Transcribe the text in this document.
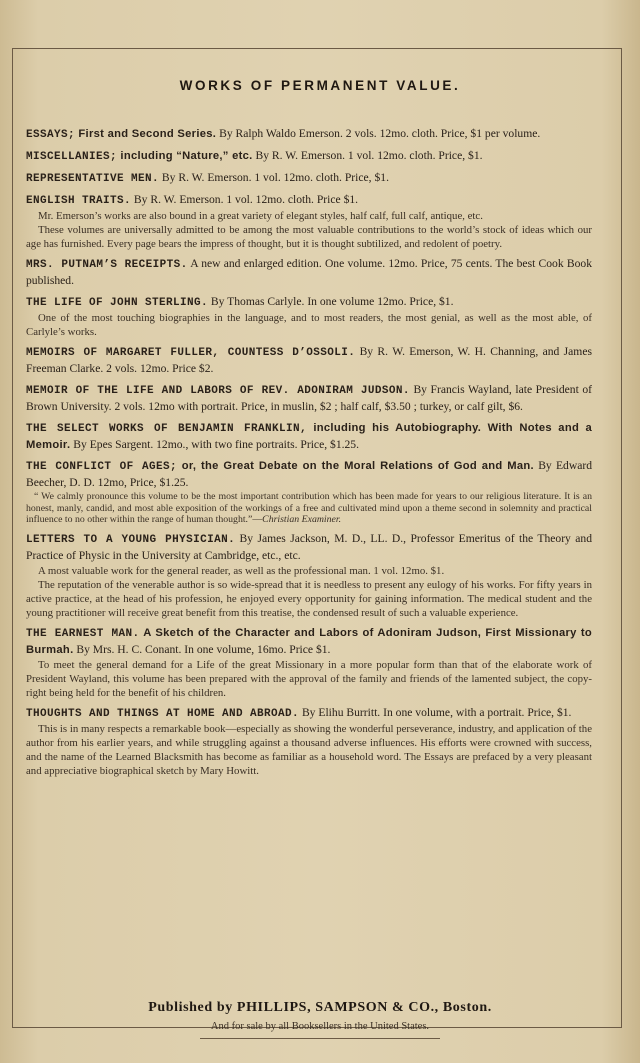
WORKS OF PERMANENT VALUE.

ESSAYS; First and Second Series. By Ralph Waldo Emerson. 2 vols. 12mo. cloth. Price, $1 per volume.

MISCELLANIES; including “Nature,” etc. By R. W. Emerson. 1 vol. 12mo. cloth. Price, $1.

REPRESENTATIVE MEN. By R. W. Emerson. 1 vol. 12mo. cloth. Price, $1.

ENGLISH TRAITS. By R. W. Emerson. 1 vol. 12mo. cloth. Price $1.

Mr. Emerson’s works are also bound in a great variety of elegant styles, half calf, full calf, antique, etc.

These volumes are universally admitted to be among the most valuable contributions to the world’s stock of ideas which our age has furnished. Every page bears the impress of thought, but it is thought subtilized, and redolent of poetry.

MRS. PUTNAM’S RECEIPTS. A new and enlarged edition. One volume. 12mo. Price, 75 cents. The best Cook Book published.

THE LIFE OF JOHN STERLING. By Thomas Carlyle. In one volume 12mo. Price, $1.

One of the most touching biographies in the language, and to most readers, the most genial, as well as the most able, of Carlyle’s works.

MEMOIRS OF MARGARET FULLER, COUNTESS D’OSSOLI. By R. W. Emerson, W. H. Channing, and James Freeman Clarke. 2 vols. 12mo. Price $2.

MEMOIR OF THE LIFE AND LABORS OF REV. ADONIRAM JUDSON. By Francis Wayland, late President of Brown University. 2 vols. 12mo with portrait. Price, in muslin, $2 ; half calf, $3.50 ; turkey, or calf gilt, $6.

THE SELECT WORKS OF BENJAMIN FRANKLIN, including his Autobiography. With Notes and a Memoir. By Epes Sargent. 12mo., with two fine portraits. Price, $1.25.

THE CONFLICT OF AGES; or, the Great Debate on the Moral Relations of God and Man. By Edward Beecher, D. D. 12mo, Price, $1.25.

“ We calmly pronounce this volume to be the most important contribution which has been made for years to our religious literature. It is an honest, manly, candid, and most able exposition of the workings of a free and cultivated mind upon a theme second in solemnity and practical influence to no other within the range of human thought.”—Christian Examiner.

LETTERS TO A YOUNG PHYSICIAN. By James Jackson, M. D., LL. D., Professor Emeritus of the Theory and Practice of Physic in the University at Cambridge, etc., etc.

A most valuable work for the general reader, as well as the professional man. 1 vol. 12mo. $1.

The reputation of the venerable author is so wide-spread that it is needless to present any eulogy of his works. For fifty years in active practice, at the head of his profession, he enjoyed every opportunity for gaining information. The medical student and the young practitioner will receive great benefit from this treatise, the condensed result of such a valuable experience.

THE EARNEST MAN. A Sketch of the Character and Labors of Adoniram Judson, First Missionary to Burmah. By Mrs. H. C. Conant. In one volume, 16mo. Price $1.

To meet the general demand for a Life of the great Missionary in a more popular form than that of the elaborate work of President Wayland, this volume has been prepared with the approval of the family and friends of the lamented subject, the copy-right being held for the benefit of his children.

THOUGHTS AND THINGS AT HOME AND ABROAD. By Elihu Burritt. In one volume, with a portrait. Price, $1.

This is in many respects a remarkable book—especially as showing the wonderful perseverance, industry, and application of the author from his earlier years, and while struggling against a thousand adverse influences. His efforts were crowned with success, and the name of the Learned Blacksmith has become as familiar as a household word. The Essays are prefaced by a very pleasant and appreciative biographical sketch by Mary Howitt.

Published by PHILLIPS, SAMPSON & CO., Boston.
And for sale by all Booksellers in the United States.
